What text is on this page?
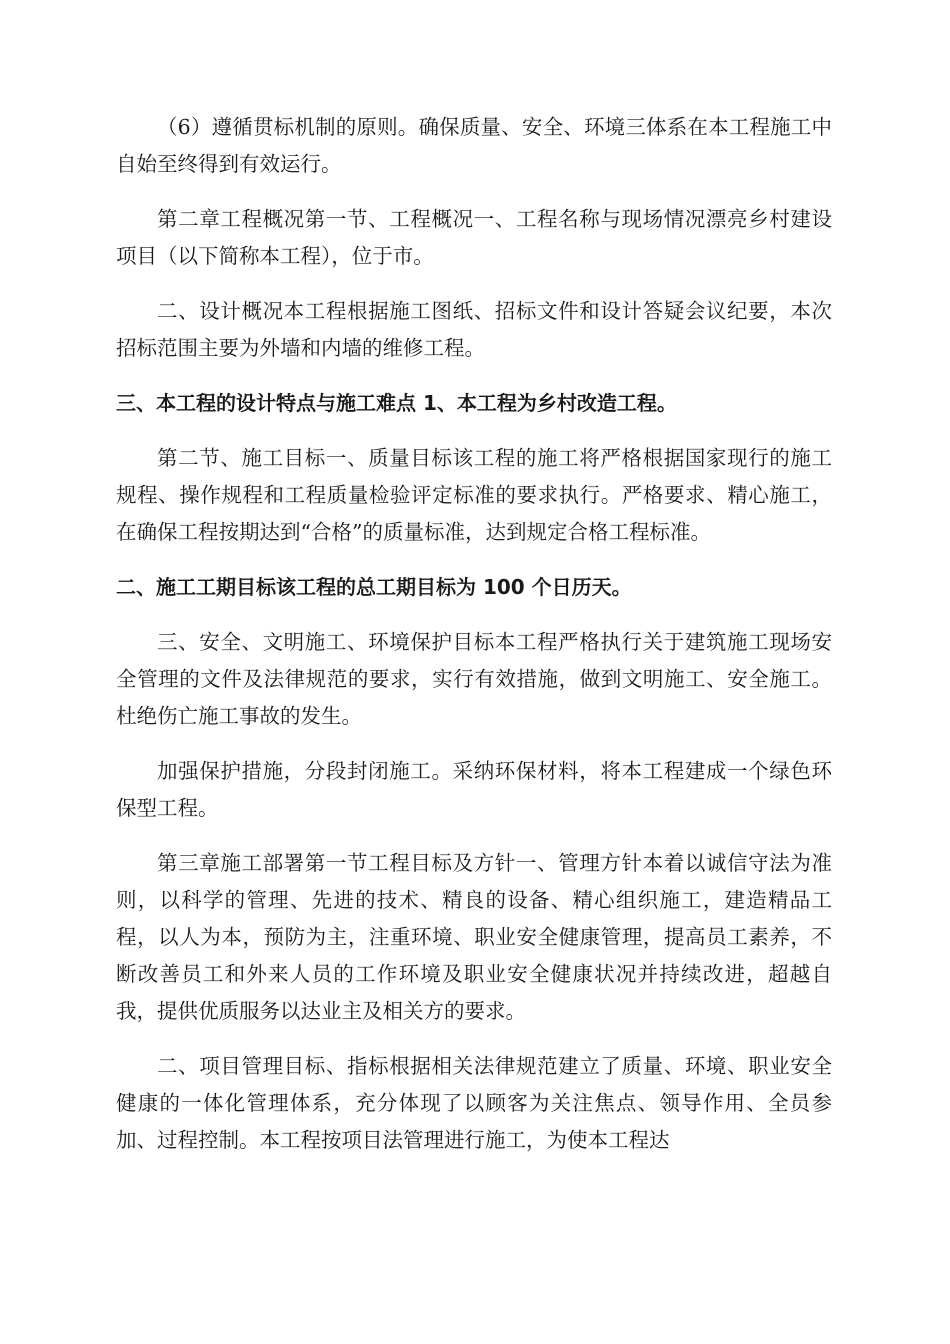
（6）遵循贯标机制的原则。确保质量、安全、环境三体系在本工程施工中自始至终得到有效运行。

第二章工程概况第一节、工程概况一、工程名称与现场情况漂亮乡村建设项目（以下简称本工程），位于市。

二、设计概况本工程根据施工图纸、招标文件和设计答疑会议纪要，本次招标范围主要为外墙和内墙的维修工程。

三、本工程的设计特点与施工难点 1、本工程为乡村改造工程。

第二节、施工目标一、质量目标该工程的施工将严格根据国家现行的施工规程、操作规程和工程质量检验评定标准的要求执行。严格要求、精心施工，在确保工程按期达到“合格”的质量标准，达到规定合格工程标准。

二、施工工期目标该工程的总工期目标为 100 个日历天。

三、安全、文明施工、环境保护目标本工程严格执行关于建筑施工现场安全管理的文件及法律规范的要求，实行有效措施，做到文明施工、安全施工。杜绝伤亡施工事故的发生。

加强保护措施，分段封闭施工。采纳环保材料，将本工程建成一个绿色环保型工程。

第三章施工部署第一节工程目标及方针一、管理方针本着以诚信守法为准则，以科学的管理、先进的技术、精良的设备、精心组织施工，建造精品工程，以人为本，预防为主，注重环境、职业安全健康管理，提高员工素养，不断改善员工和外来人员的工作环境及职业安全健康状况并持续改进，超越自我，提供优质服务以达业主及相关方的要求。

二、项目管理目标、指标根据相关法律规范建立了质量、环境、职业安全健康的一体化管理体系，充分体现了以顾客为关注焦点、领导作用、全员参加、过程控制。本工程按项目法管理进行施工，为使本工程达
